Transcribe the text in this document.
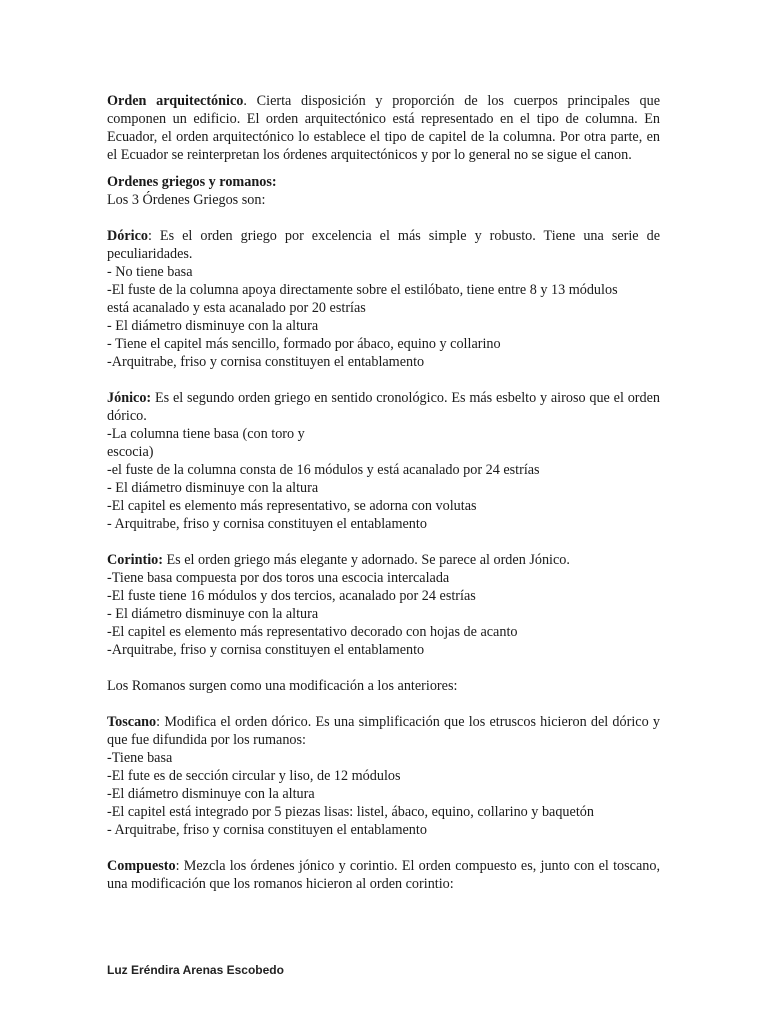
Orden arquitectónico. Cierta disposición y proporción de los cuerpos principales que componen un edificio. El orden arquitectónico está representado en el tipo de columna. En Ecuador, el orden arquitectónico lo establece el tipo de capitel de la columna. Por otra parte, en el Ecuador se reinterpretan los órdenes arquitectónicos y por lo general no se sigue el canon.

Ordenes griegos y romanos:
Los 3 Órdenes Griegos son:

Dórico: Es el orden griego por excelencia el más simple y robusto. Tiene una serie de peculiaridades.

- No tiene basa
-El fuste de la columna apoya directamente sobre el estilóbato, tiene entre 8 y 13 módulos
está acanalado y esta acanalado por 20 estrías
- El diámetro disminuye con la altura
- Tiene el capitel más sencillo, formado por ábaco, equino y collarino
-Arquitrabe, friso y cornisa constituyen el entablamento

Jónico: Es el segundo orden griego en sentido cronológico. Es más esbelto y airoso que el orden dórico.

-La columna tiene basa (con toro y
escocia)
-el fuste de la columna consta de 16 módulos y está acanalado por 24 estrías
- El diámetro disminuye con la altura
-El capitel es elemento más representativo, se adorna con volutas
- Arquitrabe, friso y cornisa constituyen el entablamento

Corintio: Es el orden griego más elegante y adornado. Se parece al orden Jónico.

-Tiene basa compuesta por dos toros una escocia intercalada
-El fuste tiene 16 módulos y dos tercios, acanalado por 24 estrías
- El diámetro disminuye con la altura
-El capitel es elemento más representativo decorado con hojas de acanto
-Arquitrabe, friso y cornisa constituyen el entablamento
Los Romanos surgen como una modificación a los anteriores:

Toscano: Modifica el orden dórico. Es una simplificación que los etruscos hicieron del dórico y que fue difundida por los rumanos:

-Tiene basa
-El fute es de sección circular y liso, de 12 módulos
-El diámetro disminuye con la altura
-El capitel está integrado por 5 piezas lisas: listel, ábaco, equino, collarino y baquetón
- Arquitrabe, friso y cornisa constituyen el entablamento

Compuesto: Mezcla los órdenes jónico y corintio. El orden compuesto es, junto con el toscano, una modificación que los romanos hicieron al orden corintio:

Luz Eréndira Arenas Escobedo
